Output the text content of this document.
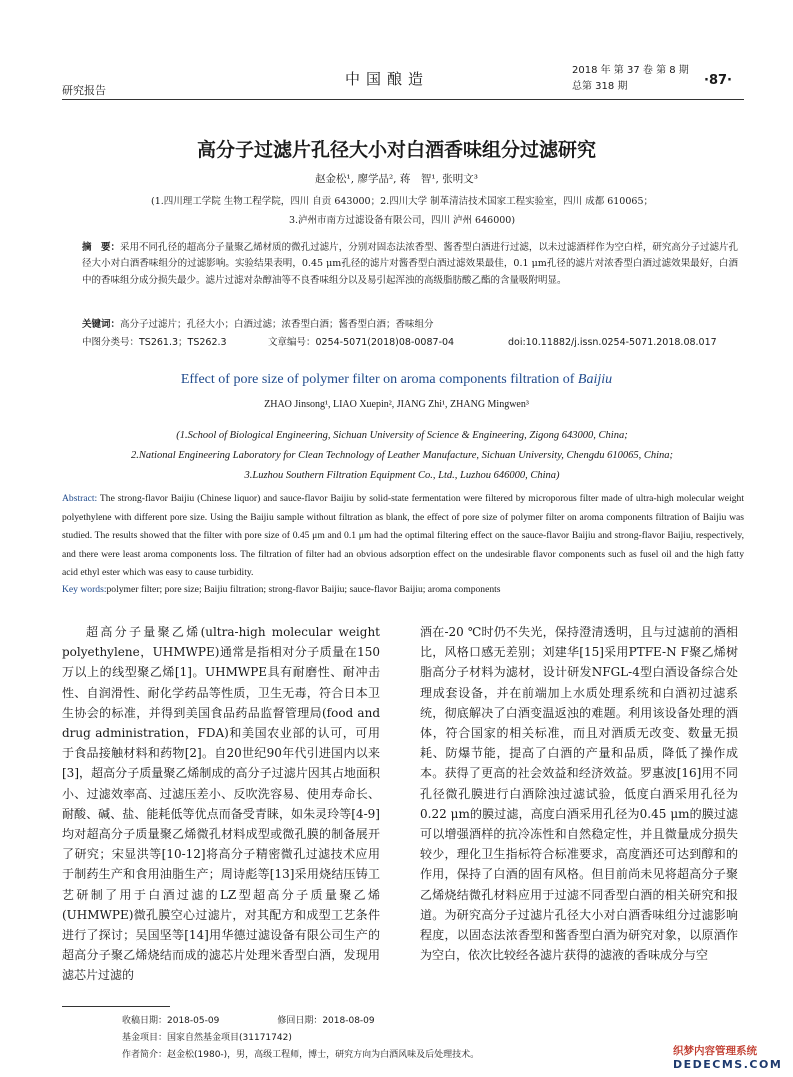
研究报告
中国酿造	2018 年 第 37 卷 第 8 期
总第 318 期	·87·
高分子过滤片孔径大小对白酒香味组分过滤研究
赵金松¹, 廖学品², 蒋　智¹, 张明文³
(1.四川理工学院 生物工程学院，四川 自贡 643000；2.四川大学 制革清洁技术国家工程实验室，四川 成都 610065；
3.泸州市南方过滤设备有限公司，四川 泸州 646000)
摘　要：采用不同孔径的超高分子量聚乙烯材质的微孔过滤片，分别对固态法浓香型、酱香型白酒进行过滤，以未过滤酒样作为空白样，研究高分子过滤片孔径大小对白酒香味组分的过滤影响。实验结果表明，0.45 μm孔径的滤片对酱香型白酒过滤效果最佳，0.1 μm孔径的滤片对浓香型白酒过滤效果最好，白酒中的香味组分成分损失最少。滤片过滤对杂醇油等不良香味组分以及易引起浑浊的高级脂肪酸乙酯的含量吸附明显。
关键词：高分子过滤片；孔径大小；白酒过滤；浓香型白酒；酱香型白酒；香味组分
中图分类号：TS261.3；TS262.3	文章编号：0254-5071(2018)08-0087-04	doi:10.11882/j.issn.0254-5071.2018.08.017
Effect of pore size of polymer filter on aroma components filtration of Baijiu
ZHAO Jinsong¹, LIAO Xuepin², JIANG Zhi¹, ZHANG Mingwen³
(1.School of Biological Engineering, Sichuan University of Science & Engineering, Zigong 643000, China;
2.National Engineering Laboratory for Clean Technology of Leather Manufacture, Sichuan University, Chengdu 610065, China;
3.Luzhou Southern Filtration Equipment Co., Ltd., Luzhou 646000, China)
Abstract: The strong-flavor Baijiu (Chinese liquor) and sauce-flavor Baijiu by solid-state fermentation were filtered by microporous filter made of ultra-high molecular weight polyethylene with different pore size. Using the Baijiu sample without filtration as blank, the effect of pore size of polymer filter on aroma components filtration of Baijiu was studied. The results showed that the filter with pore size of 0.45 μm and 0.1 μm had the optimal filtering effect on the sauce-flavor Baijiu and strong-flavor Baijiu, respectively, and there were least aroma components loss. The filtration of filter had an obvious adsorption effect on the undesirable flavor components such as fusel oil and the high fatty acid ethyl ester which was easy to cause turbidity.
Key words:polymer filter; pore size; Baijiu filtration; strong-flavor Baijiu; sauce-flavor Baijiu; aroma components
超高分子量聚乙烯(ultra-high molecular weight polyethylene，UHMWPE)通常是指相对分子质量在150万以上的线型聚乙烯[1]。UHMWPE具有耐磨性、耐冲击性、自润滑性、耐化学药品等性质，卫生无毒，符合日本卫生协会的标准，并得到美国食品药品监督管理局(food and drug administration，FDA)和美国农业部的认可，可用于食品接触材料和药物[2]。自20世纪90年代引进国内以来[3]，超高分子质量聚乙烯制成的高分子过滤片因其占地面积小、过滤效率高、过滤压差小、反吹洗容易、使用寿命长、耐酸、碱、盐、能耗低等优点而备受青睐，如朱灵玲等[4-9]均对超高分子质量聚乙烯微孔材料成型或微孔膜的制备展开了研究；宋显洪等[10-12]将高分子精密微孔过滤技术应用于制药生产和食用油脂生产；周诗彪等[13]采用烧结压铸工艺研制了用于白酒过滤的LZ型超高分子质量聚乙烯(UHMWPE)微孔膜空心过滤片，对其配方和成型工艺条件进行了探讨；吴国坚等[14]用华德过滤设备有限公司生产的超高分子聚乙烯烧结而成的滤芯片处理米香型白酒，发现用滤芯片过滤的
酒在-20 ℃时仍不失光，保持澄清透明，且与过滤前的酒相比，风格口感无差别；刘建华[15]采用PTFE-N F聚乙烯树脂高分子材料为滤材，设计研发NFGL-4型白酒设备综合处理成套设备，并在前端加上水质处理系统和白酒初过滤系统，彻底解决了白酒变温返浊的难题。利用该设备处理的酒体，符合国家的相关标准，而且对酒质无改变、数量无损耗、防爆节能，提高了白酒的产量和品质，降低了操作成本。获得了更高的社会效益和经济效益。罗惠波[16]用不同孔径微孔膜进行白酒除浊过滤试验，低度白酒采用孔径为0.22 μm的膜过滤，高度白酒采用孔径为0.45 μm的膜过滤可以增强酒样的抗冷冻性和自然稳定性，并且微量成分损失较少，理化卫生指标符合标准要求，高度酒还可达到醇和的作用，保持了白酒的固有风格。但目前尚未见将超高分子聚乙烯烧结微孔材料应用于过滤不同香型白酒的相关研究和报道。为研究高分子过滤片孔径大小对白酒香味组分过滤影响程度，以固态法浓香型和酱香型白酒为研究对象，以原酒作为空白，依次比较经各滤片获得的滤液的香味成分与空
收稿日期：2018-05-09	修回日期：2018-08-09
基金项目：国家自然基金项目(31171742)
作者简介：赵金松(1980-)，男，高级工程师，博士，研究方向为白酒风味及后处理技术。	织梦内容管理系统
DEDECMS.COM
